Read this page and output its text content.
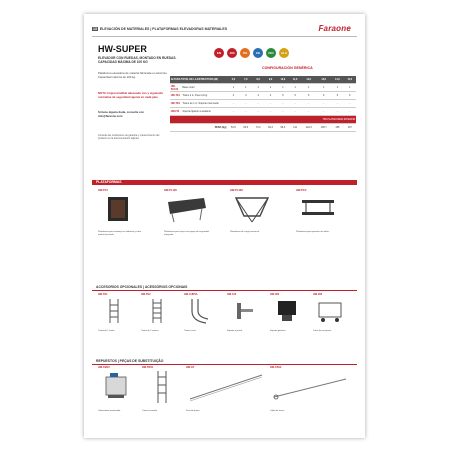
13 ELEVACIÓN DE MATERIALES | PLATAFORMAS ELEVADORAS MATERIALES	Faraone
HW-SUPER
ELEVADOR CON RUEDAS, MONTADO EN RUEDAS. CAPACIDAD MÁXIMA DE 100 KG
Plataforma elevadora de material fabricada en aluminio. Capacidad máxima de 100 kg.
NOTA: Imprescindible adecuado uso y siguiendo normativa de seguridad vigente en cada país.
Si tiene alguna duda, consulte con info@faraone.com
Consulte las condiciones de garantía y mantenimiento del producto en la documentación adjunta.
EN	100	0%	CE	ISO	ALU
CONFIGURACIÓN GENÉRICA
ALTURA TOTAL DE LA ESTRUCTURA (M)		5,6	7,6	8,6	9,6	10,6	11,6	12,6	13,6	14,6	15,6
HW-SC100	Base motor	1	1	1	1	1	1	1	1	1	1
HW-TE1	Tramo 2 m. Peso 12 kg	2	3	4	4	5	6	6	6	6	6
HW-TE2	Tramo de 1 m. Soporte intermedio	-	-	-	-	-	-	-	-	-	-
HW-FIX	Soporte fijación a andamio	-	-	-	-	-	-	-	-	-	-
HW PLATAFORMA INTERIOR											
PESO (kg)		54,5	66,6	74,3	84,3	96,3	111	124,3	135,7	155	167
PLATAFORMAS
HW-PL5
Plataforma para montaje en andamio y subir material pesado.
HW-PL100
Plataforma para tejas con apoyo de seguridad integrado.
HW-PL400
Plataforma de carga universal.
HW-PCV
Plataforma para paneles de vidrio.
ACCESORIOS OPCIONALES | ACESSÓRIOS OPCIONAIS
HW-TE1
Tramo de 1 metro.
HW-TE2
Tramo de 2 metros.
HW-CURVA
Tramo curvo.
HW-120
Soporte a pared.
HW-360
Soporte giratorio.
HW-260
Carro de transporte.
REPUESTOS | PEÇAS DE SUBSTITUIÇÃO
HW-CM10
Cabrestante motorizado.
HW-TR10
Tramo recambio.
HW-GT
Guía de tramo.
HW-CB12
Cable de acero.
